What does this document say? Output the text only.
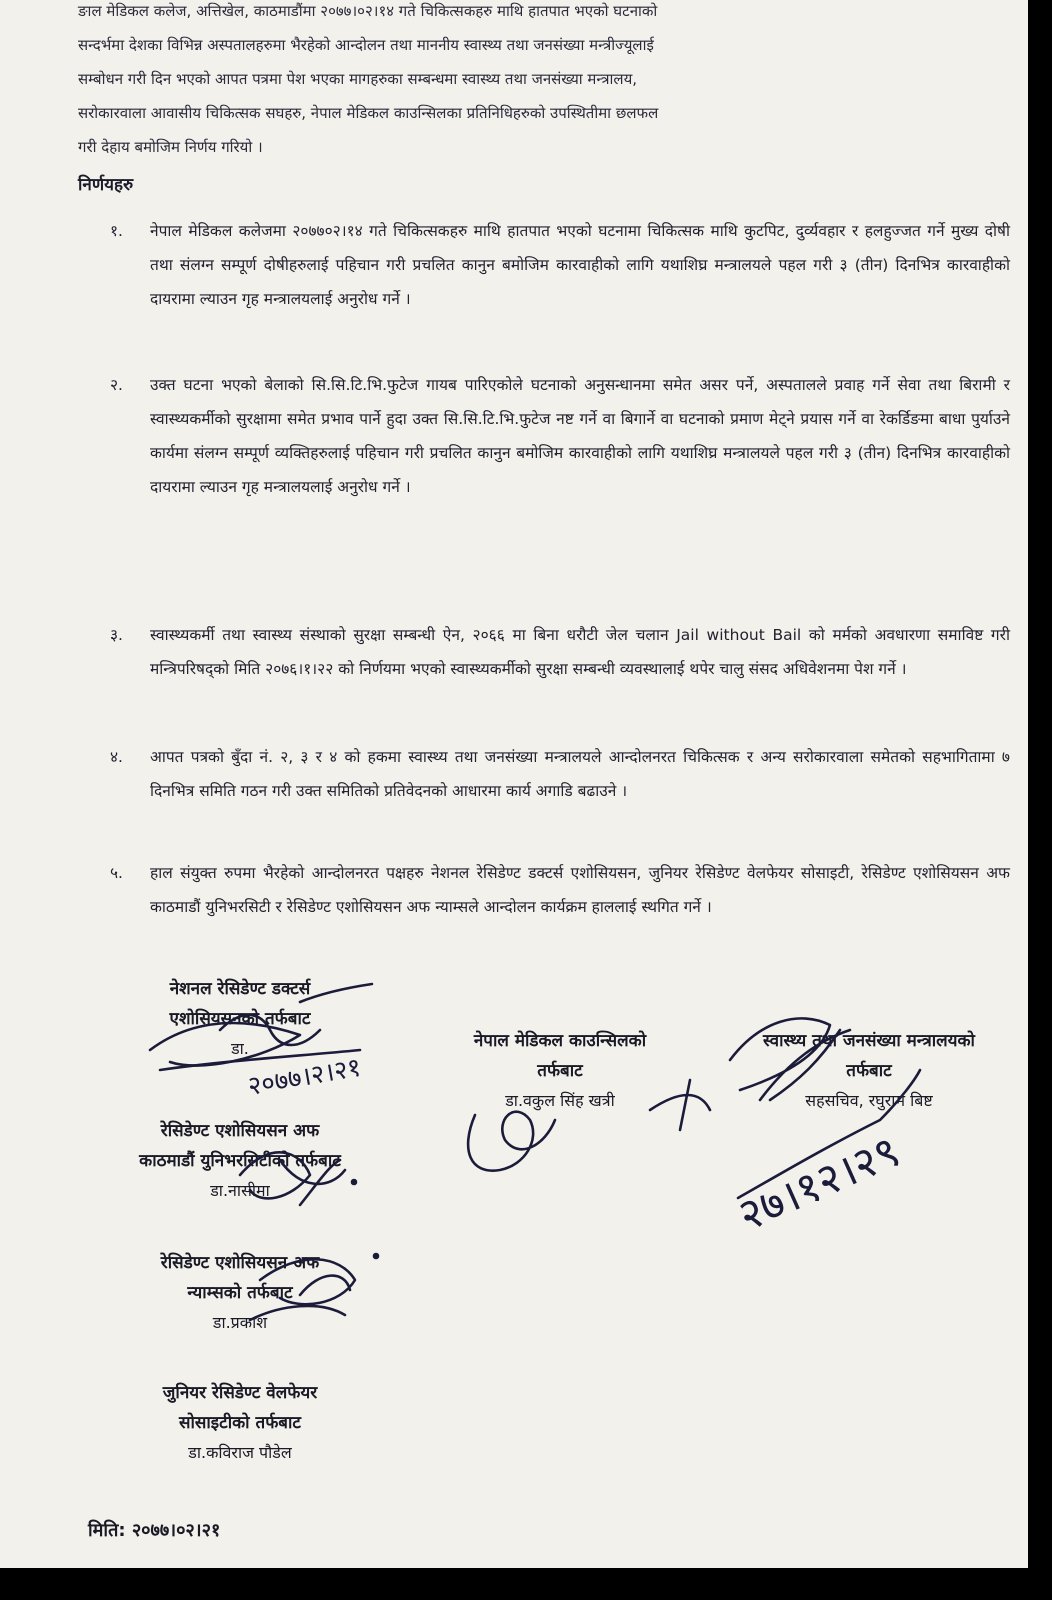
ङाल मेडिकल कलेज, अत्तिखेल, काठमाडौंमा २०७७।०२।१४ गते चिकित्सकहरु माथि हातपात भएको घटनाको
सन्दर्भमा देशका विभिन्न अस्पतालहरुमा भैरहेको आन्दोलन तथा माननीय स्वास्थ्य तथा जनसंख्या मन्त्रीज्यूलाई
सम्बोधन गरी दिन भएको आपत पत्रमा पेश भएका मागहरुका सम्बन्धमा स्वास्थ्य तथा जनसंख्या मन्त्रालय,
सरोकारवाला आवासीय चिकित्सक सघहरु, नेपाल मेडिकल काउन्सिलका प्रतिनिधिहरुको उपस्थितीमा छलफल
गरी देहाय बमोजिम निर्णय गरियो ।
निर्णयहरु
१.	नेपाल मेडिकल कलेजमा २०७७०२।१४ गते चिकित्सकहरु माथि हातपात भएको घटनामा चिकित्सक माथि कुटपिट, दुर्व्यवहार र हलहुज्जत गर्ने मुख्य दोषी तथा संलग्न सम्पूर्ण दोषीहरुलाई पहिचान गरी प्रचलित कानुन बमोजिम कारवाहीको लागि यथाशिघ्र मन्त्रालयले पहल गरी ३ (तीन) दिनभित्र कारवाहीको दायरामा ल्याउन गृह मन्त्रालयलाई अनुरोध गर्ने ।
२.	उक्त घटना भएको बेलाको सि.सि.टि.भि.फुटेज गायब पारिएकोले घटनाको अनुसन्धानमा समेत असर पर्ने, अस्पतालले प्रवाह गर्ने सेवा तथा बिरामी र स्वास्थ्यकर्मीको सुरक्षामा समेत प्रभाव पार्ने हुदा उक्त सि.सि.टि.भि.फुटेज नष्ट गर्ने वा बिगार्ने वा घटनाको प्रमाण मेट्ने प्रयास गर्ने वा रेकर्डिङमा बाधा पुर्याउने कार्यमा संलग्न सम्पूर्ण व्यक्तिहरुलाई पहिचान गरी प्रचलित कानुन बमोजिम कारवाहीको लागि यथाशिघ्र मन्त्रालयले पहल गरी ३ (तीन) दिनभित्र कारवाहीको दायरामा ल्याउन गृह मन्त्रालयलाई अनुरोध गर्ने ।
३.	स्वास्थ्यकर्मी तथा स्वास्थ्य संस्थाको सुरक्षा सम्बन्धी ऐन, २०६६ मा बिना धरौटी जेल चलान Jail without Bail को मर्मको अवधारणा समाविष्ट गरी मन्त्रिपरिषद्को मिति २०७६।१।२२ को निर्णयमा भएको स्वास्थ्यकर्मीको सुरक्षा सम्बन्धी व्यवस्थालाई थपेर चालु संसद अधिवेशनमा पेश गर्ने ।
४.	आपत पत्रको बुँदा नं. २, ३ र ४ को हकमा स्वास्थ्य तथा जनसंख्या मन्त्रालयले आन्दोलनरत चिकित्सक र अन्य सरोकारवाला समेतको सहभागितामा ७ दिनभित्र समिति गठन गरी उक्त समितिको प्रतिवेदनको आधारमा कार्य अगाडि बढाउने ।
५.	हाल संयुक्त रुपमा भैरहेको आन्दोलनरत पक्षहरु नेशनल रेसिडेण्ट डक्टर्स एशोसियसन, जुनियर रेसिडेण्ट वेलफेयर सोसाइटी, रेसिडेण्ट एशोसियसन अफ काठमाडौं युनिभरसिटी र रेसिडेण्ट एशोसियसन अफ न्याम्सले आन्दोलन कार्यक्रम हाललाई स्थगित गर्ने ।
नेशनल रेसिडेण्ट डक्टर्स
एशोसियसनको तर्फबाट
डा.
रेसिडेण्ट एशोसियसन अफ
काठमाडौं युनिभरसिटीको तर्फबाट
डा.नासीमा
रेसिडेण्ट एशोसियसन अफ
न्याम्सको तर्फबाट
डा.प्रकाश
जुनियर रेसिडेण्ट वेलफेयर
सोसाइटीको तर्फबाट
डा.कविराज पौडेल
नेपाल मेडिकल काउन्सिलको
तर्फबाट
डा.वकुल सिंह खत्री
स्वास्थ्य तथा जनसंख्या मन्त्रालयको
तर्फबाट
सहसचिव, रघुराम बिष्ट
२०७७।२।२१
२७।१२।२९
मिति: २०७७।०२।२१
